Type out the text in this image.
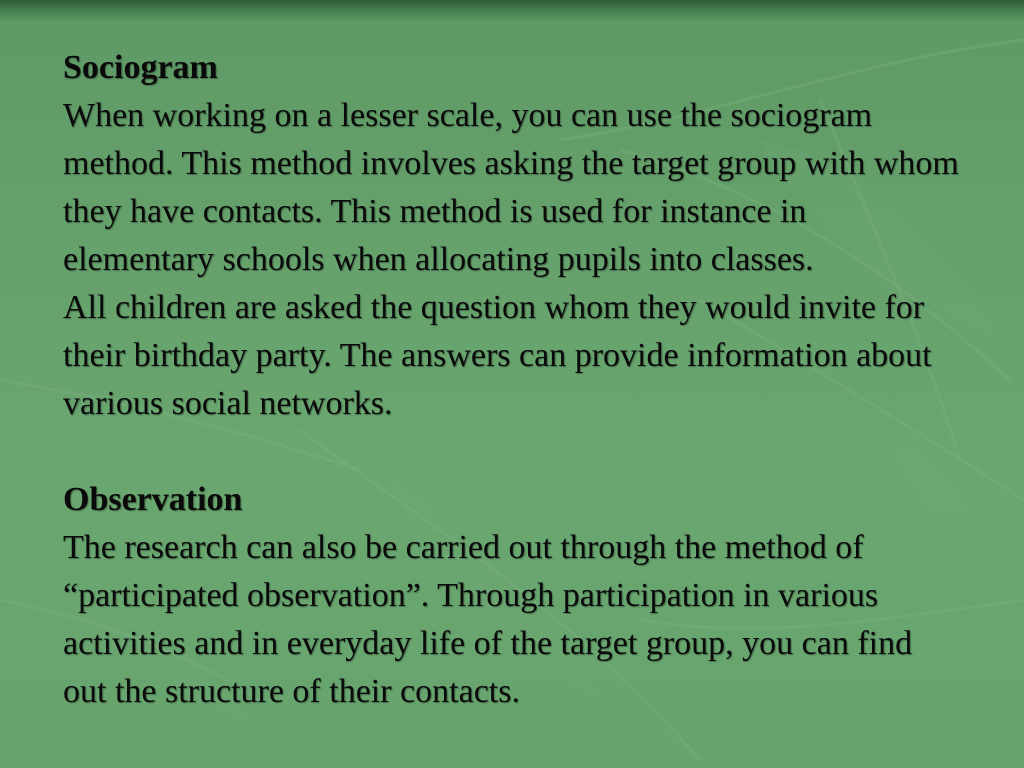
Sociogram

When working on a lesser scale, you can use the sociogram method. This method involves asking the target group with whom they have contacts. This method is used for instance in elementary schools when allocating pupils into classes.

All children are asked the question whom they would invite for their birthday party. The answers can provide information about various social networks.

Observation

The research can also be carried out through the method of “participated observation”. Through participation in various activities and in everyday life of the target group, you can find out the structure of their contacts.
